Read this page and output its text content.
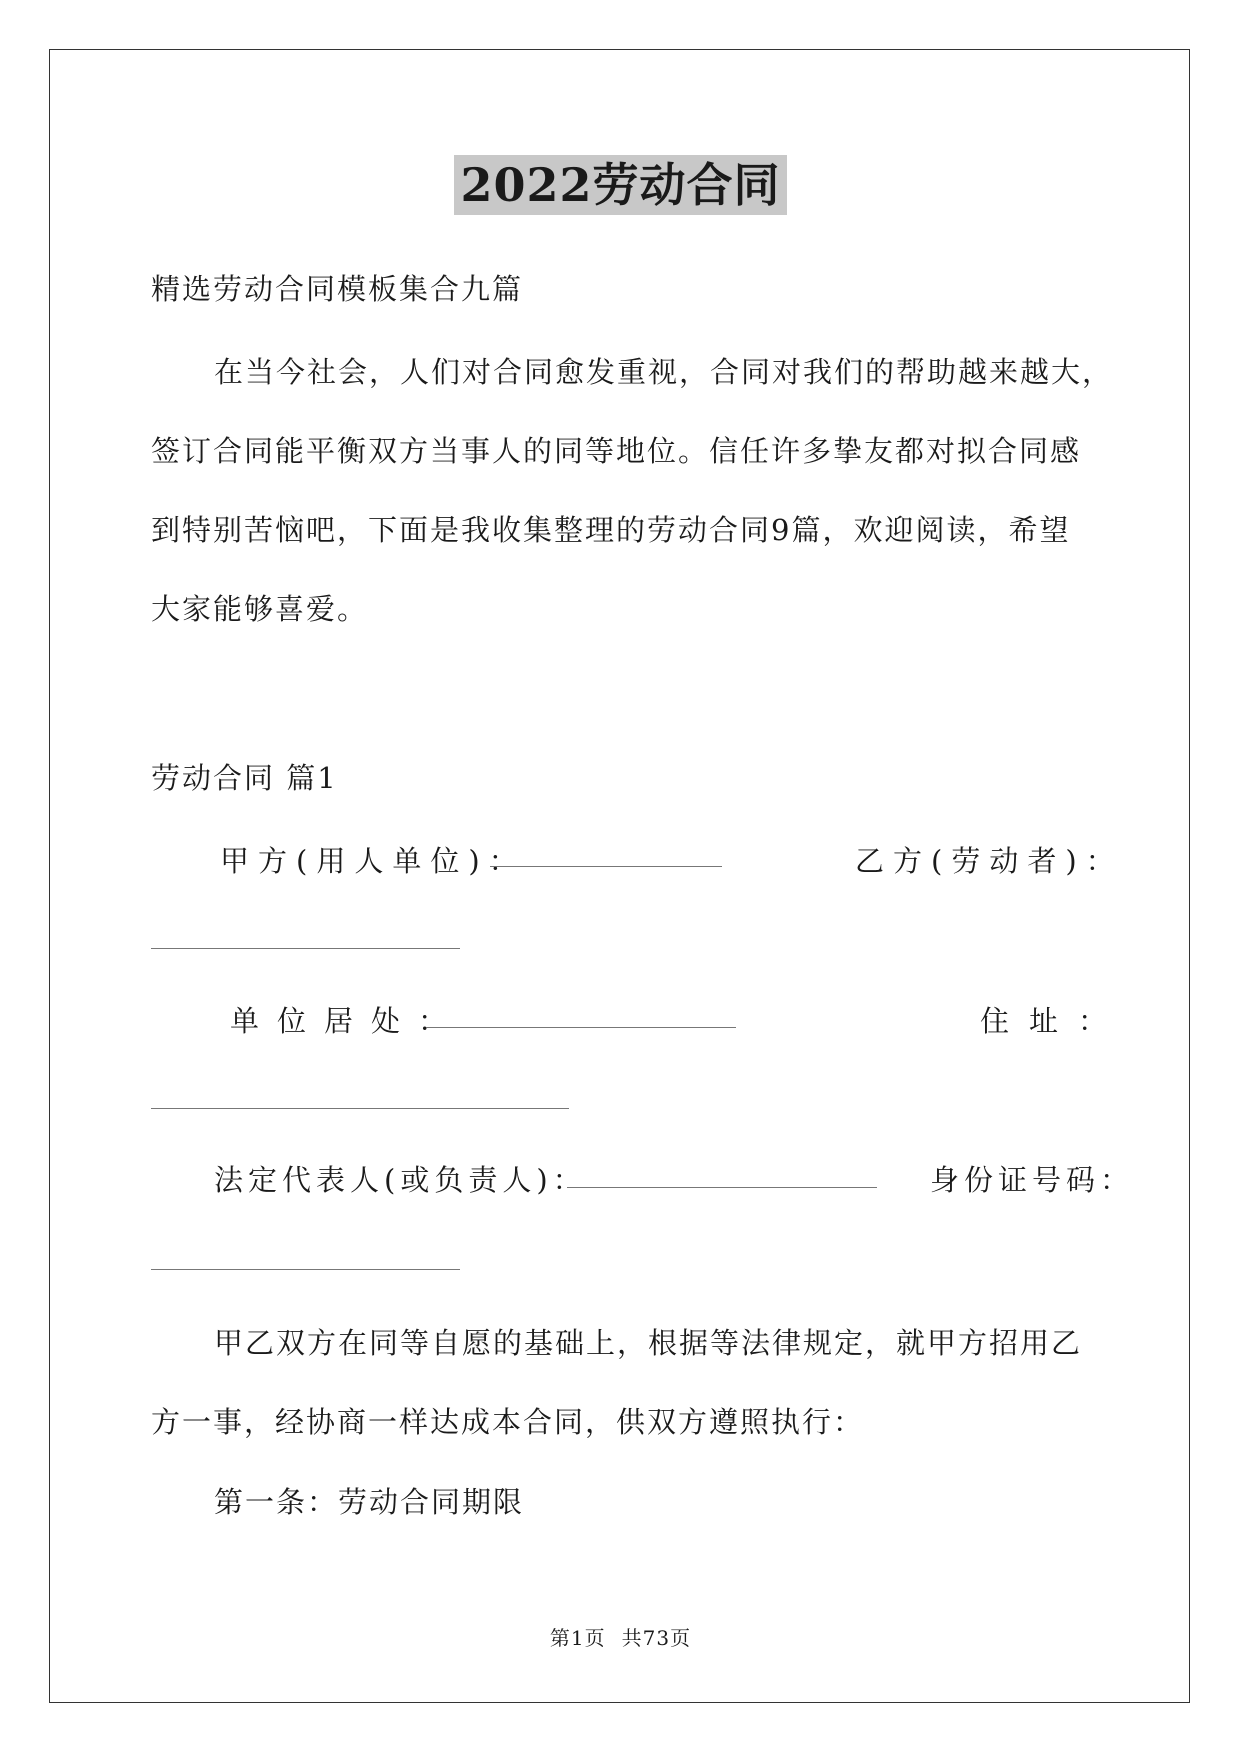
2022劳动合同
精选劳动合同模板集合九篇
在当今社会，人们对合同愈发重视，合同对我们的帮助越来越大，
签订合同能平衡双方当事人的同等地位。信任许多挚友都对拟合同感
到特别苦恼吧，下面是我收集整理的劳动合同9篇，欢迎阅读，希望
大家能够喜爱。
劳动合同 篇1
甲方(用人单位)：	乙方(劳动者)：
单位居处：	住址：
法定代表人(或负责人)：	身份证号码：
甲乙双方在同等自愿的基础上，根据等法律规定，就甲方招用乙
方一事，经协商一样达成本合同，供双方遵照执行：
第一条：劳动合同期限
第1页 共73页
